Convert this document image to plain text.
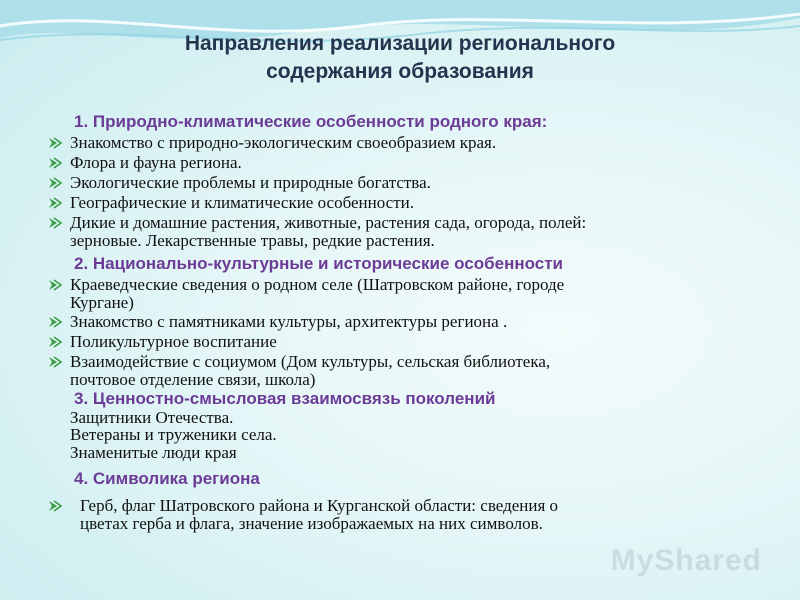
Направления реализации регионального
содержания образования
1. Природно-климатические особенности родного края:
Знакомство с природно-экологическим своеобразием края.
Флора и фауна региона.
Экологические проблемы и природные богатства.
Географические и климатические особенности.
Дикие и домашние растения, животные, растения сада, огорода, полей:
зерновые. Лекарственные травы, редкие растения.
2. Национально-культурные и исторические особенности
Краеведческие сведения о родном селе (Шатровском районе, городе
Кургане)
Знакомство с памятниками культуры, архитектуры региона .
Поликультурное воспитание
Взаимодействие с социумом (Дом культуры, сельская библиотека,
почтовое отделение связи, школа)
3. Ценностно-смысловая взаимосвязь поколений
Защитники Отечества.
Ветераны и труженики села.
Знаменитые люди края
4. Символика региона
Герб, флаг Шатровского района и Курганской области: сведения о
цветах герба и флага, значение изображаемых на них символов.
MyShared
